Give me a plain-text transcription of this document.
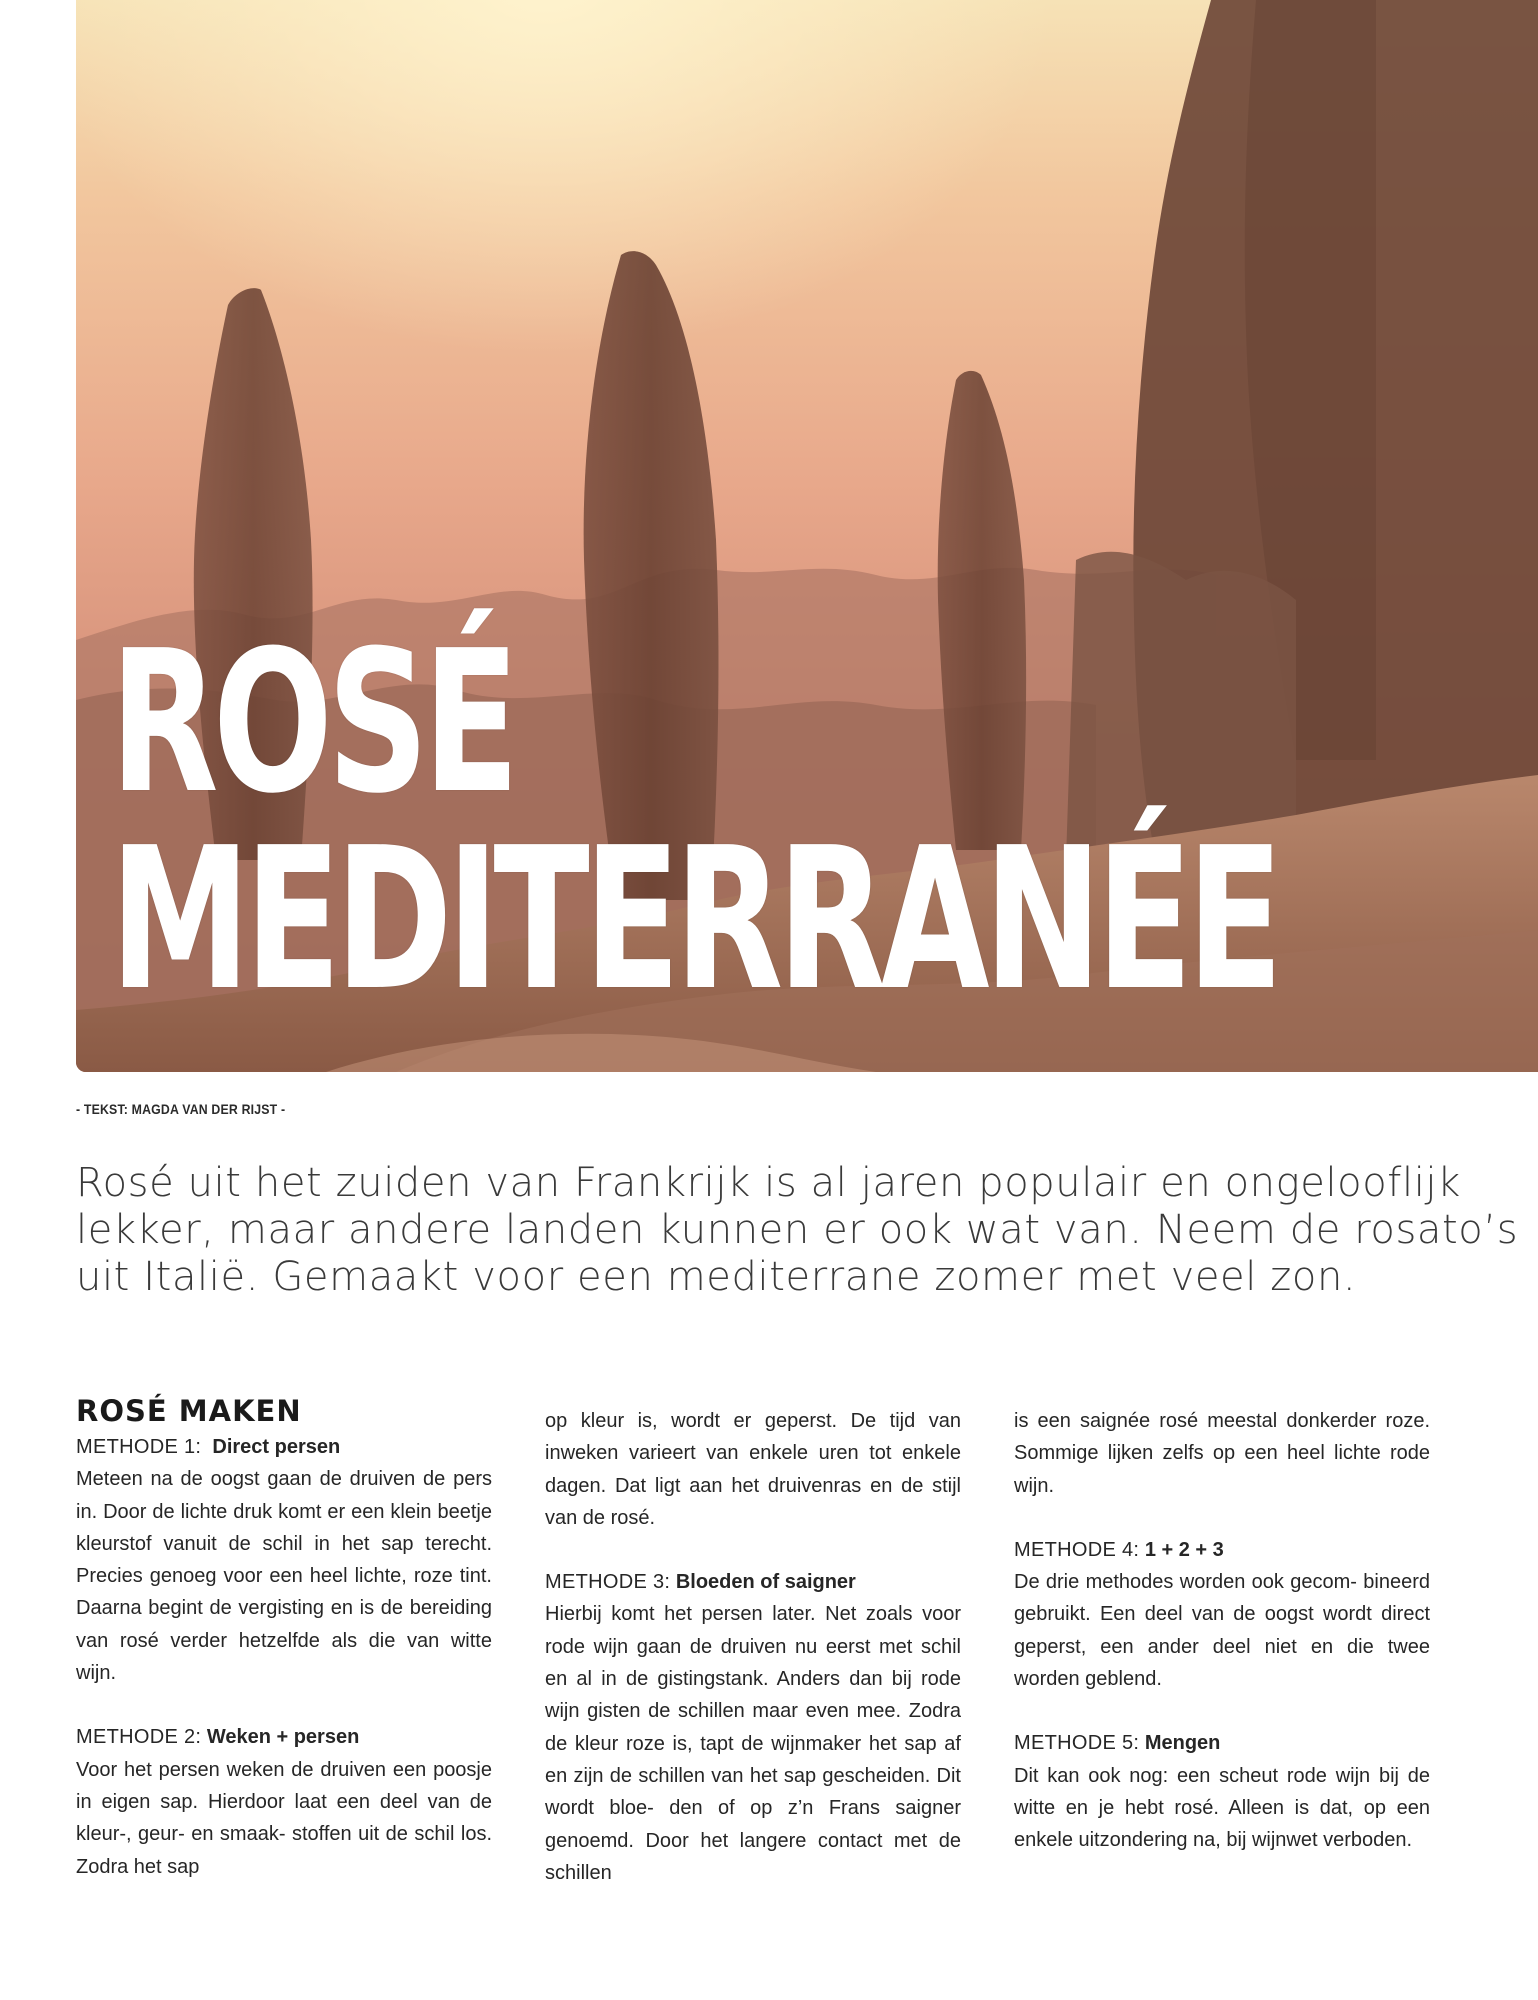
ROSÉ
MEDITERRANÉE
- TEKST: MAGDA VAN DER RIJST -

Rosé uit het zuiden van Frankrijk is al jaren populair en ongelooflijk
lekker, maar andere landen kunnen er ook wat van. Neem de rosato’s
uit Italië. Gemaakt voor een mediterrane zomer met veel zon.

ROSÉ MAKEN

METHODE 1: Direct persen

Meteen na de oogst gaan de druiven de pers in. Door de lichte druk komt er een klein beetje kleurstof vanuit de schil in het sap terecht. Precies genoeg voor een heel lichte, roze tint. Daarna begint de vergisting en is de bereiding van rosé verder hetzelfde als die van witte wijn.

METHODE 2: Weken + persen

Voor het persen weken de druiven een poosje in eigen sap. Hierdoor laat een deel van de kleur-, geur- en smaak- stoffen uit de schil los. Zodra het sap

op kleur is, wordt er geperst. De tijd van inweken varieert van enkele uren tot enkele dagen. Dat ligt aan het druivenras en de stijl van de rosé.

METHODE 3: Bloeden of saigner

Hierbij komt het persen later. Net zoals voor rode wijn gaan de druiven nu eerst met schil en al in de gistingstank. Anders dan bij rode wijn gisten de schillen maar even mee. Zodra de kleur roze is, tapt de wijnmaker het sap af en zijn de schillen van het sap gescheiden. Dit wordt bloe- den of op z’n Frans saigner genoemd. Door het langere contact met de schillen

is een saignée rosé meestal donkerder roze. Sommige lijken zelfs op een heel lichte rode wijn.

METHODE 4: 1 + 2 + 3

De drie methodes worden ook gecom- bineerd gebruikt. Een deel van de oogst wordt direct geperst, een ander deel niet en die twee worden geblend.

METHODE 5: Mengen

Dit kan ook nog: een scheut rode wijn bij de witte en je hebt rosé. Alleen is dat, op een enkele uitzondering na, bij wijnwet verboden.
